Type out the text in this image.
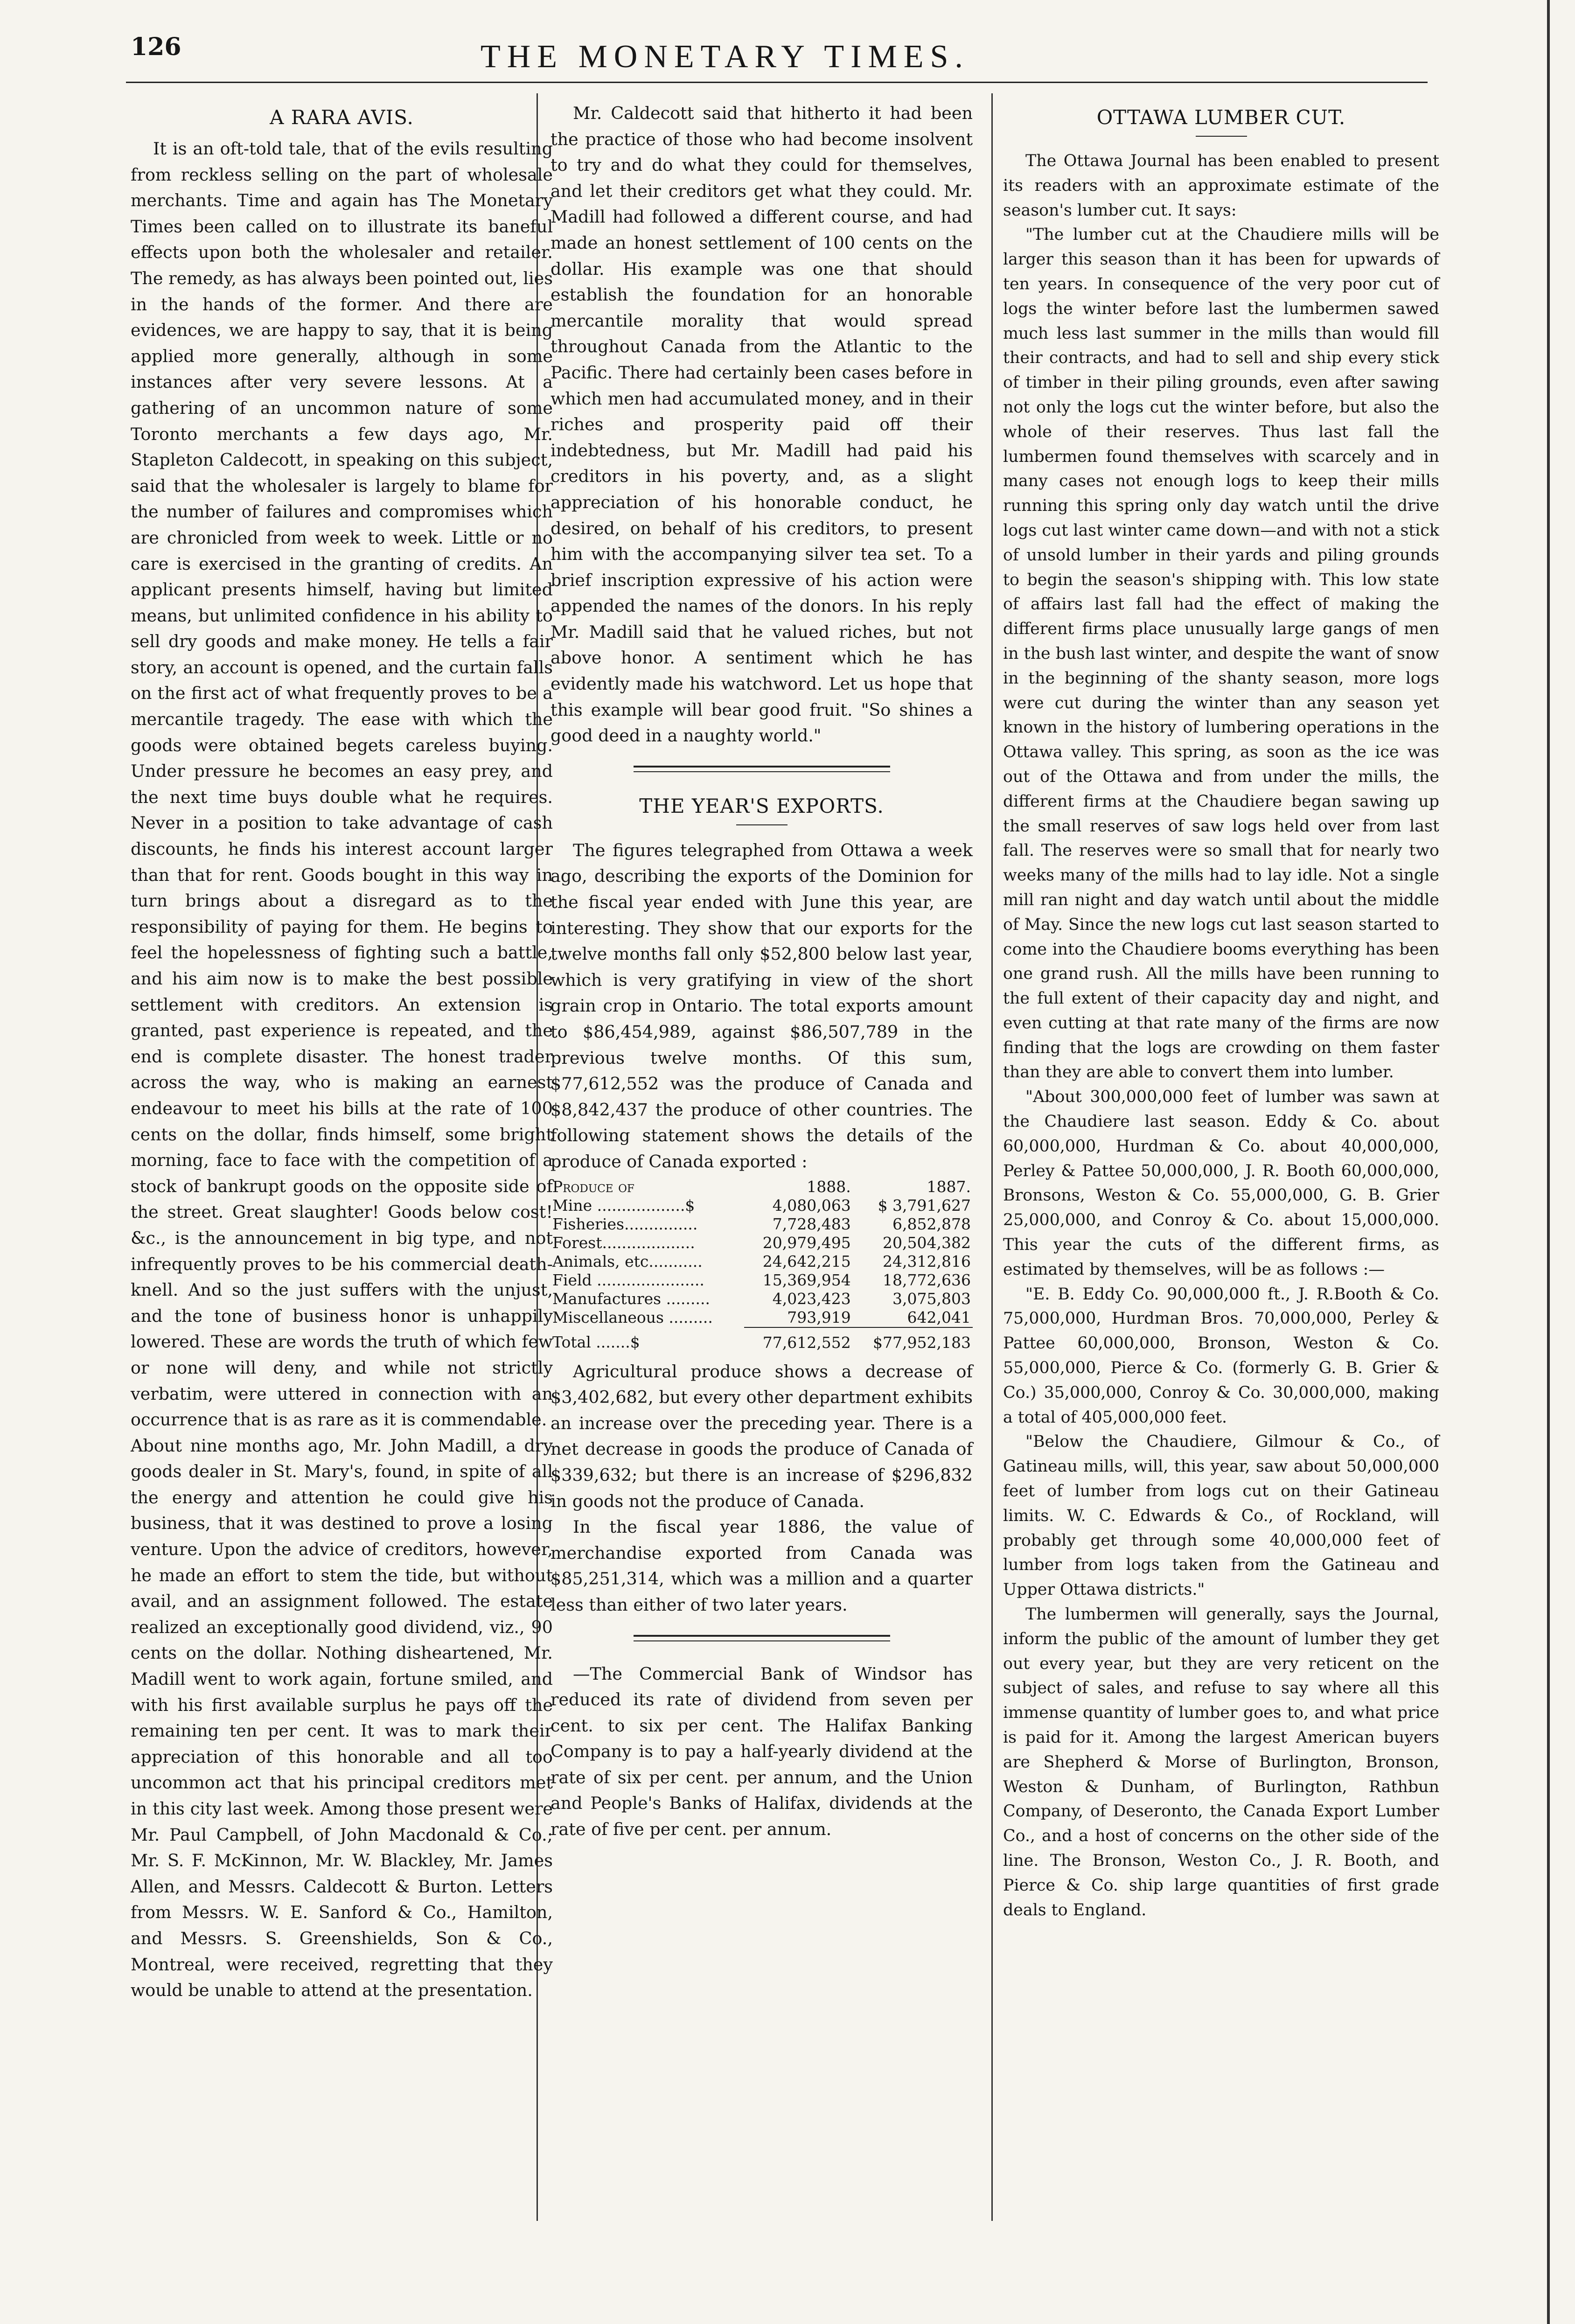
126	THE MONETARY TIMES.
A RARA AVIS.

It is an oft-told tale, that of the evils resulting from reckless selling on the part of wholesale merchants. Time and again has The Monetary Times been called on to illustrate its baneful effects upon both the wholesaler and retailer. The remedy, as has always been pointed out, lies in the hands of the former. And there are evidences, we are happy to say, that it is being applied more generally, although in some instances after very severe lessons. At a gathering of an uncommon nature of some Toronto merchants a few days ago, Mr. Stapleton Caldecott, in speaking on this subject, said that the wholesaler is largely to blame for the number of failures and compromises which are chronicled from week to week. Little or no care is exercised in the granting of credits. An applicant presents himself, having but limited means, but unlimited confidence in his ability to sell dry goods and make money. He tells a fair story, an account is opened, and the curtain falls on the first act of what frequently proves to be a mercantile tragedy. The ease with which the goods were obtained begets careless buying. Under pressure he becomes an easy prey, and the next time buys double what he requires. Never in a position to take advantage of cash discounts, he finds his interest account larger than that for rent. Goods bought in this way in turn brings about a disregard as to the responsibility of paying for them. He begins to feel the hopelessness of fighting such a battle, and his aim now is to make the best possible settlement with creditors. An extension is granted, past experience is repeated, and the end is complete disaster. The honest trader across the way, who is making an earnest endeavour to meet his bills at the rate of 100 cents on the dollar, finds himself, some bright morning, face to face with the competition of a stock of bankrupt goods on the opposite side of the street. Great slaughter! Goods below cost! &c., is the announcement in big type, and not infrequently proves to be his commercial death-knell. And so the just suffers with the unjust, and the tone of business honor is unhappily lowered. These are words the truth of which few or none will deny, and while not strictly verbatim, were uttered in connection with an occurrence that is as rare as it is commendable.

About nine months ago, Mr. John Madill, a dry goods dealer in St. Mary's, found, in spite of all the energy and attention he could give his business, that it was destined to prove a losing venture. Upon the advice of creditors, however, he made an effort to stem the tide, but without avail, and an assignment followed. The estate realized an exceptionally good dividend, viz., 90 cents on the dollar. Nothing disheartened, Mr. Madill went to work again, fortune smiled, and with his first available surplus he pays off the remaining ten per cent. It was to mark their appreciation of this honorable and all too uncommon act that his principal creditors met in this city last week. Among those present were Mr. Paul Campbell, of John Macdonald & Co.; Mr. S. F. McKinnon, Mr. W. Blackley, Mr. James Allen, and Messrs. Caldecott & Burton. Letters from Messrs. W. E. Sanford & Co., Hamilton, and Messrs. S. Greenshields, Son & Co., Montreal, were received, regretting that they would be unable to attend at the presentation.

Mr. Caldecott said that hitherto it had been the practice of those who had become insolvent to try and do what they could for themselves, and let their creditors get what they could. Mr. Madill had followed a different course, and had made an honest settlement of 100 cents on the dollar. His example was one that should establish the foundation for an honorable mercantile morality that would spread throughout Canada from the Atlantic to the Pacific. There had certainly been cases before in which men had accumulated money, and in their riches and prosperity paid off their indebtedness, but Mr. Madill had paid his creditors in his poverty, and, as a slight appreciation of his honorable conduct, he desired, on behalf of his creditors, to present him with the accompanying silver tea set. To a brief inscription expressive of his action were appended the names of the donors. In his reply Mr. Madill said that he valued riches, but not above honor. A sentiment which he has evidently made his watchword. Let us hope that this example will bear good fruit. "So shines a good deed in a naughty world."

THE YEAR'S EXPORTS.

The figures telegraphed from Ottawa a week ago, describing the exports of the Dominion for the fiscal year ended with June this year, are interesting. They show that our exports for the twelve months fall only $52,800 below last year, which is very gratifying in view of the short grain crop in Ontario. The total exports amount to $86,454,989, against $86,507,789 in the previous twelve months. Of this sum, $77,612,552 was the produce of Canada and $8,842,437 the produce of other countries. The following statement shows the details of the produce of Canada exported :

Produce of	1888.	1887.
Mine ..................$	4,080,063	$ 3,791,627
Fisheries...............	7,728,483	6,852,878
Forest...................	20,979,495	20,504,382
Animals, etc...........	24,642,215	24,312,816
Field ......................	15,369,954	18,772,636
Manufactures .........	4,023,423	3,075,803
Miscellaneous .........	793,919	642,041
Total .......$	77,612,552	$77,952,183

Agricultural produce shows a decrease of $3,402,682, but every other department exhibits an increase over the preceding year. There is a net decrease in goods the produce of Canada of $339,632; but there is an increase of $296,832 in goods not the produce of Canada.

In the fiscal year 1886, the value of merchandise exported from Canada was $85,251,314, which was a million and a quarter less than either of two later years.

—The Commercial Bank of Windsor has reduced its rate of dividend from seven per cent. to six per cent. The Halifax Banking Company is to pay a half-yearly dividend at the rate of six per cent. per annum, and the Union and People's Banks of Halifax, dividends at the rate of five per cent. per annum.

OTTAWA LUMBER CUT.

The Ottawa Journal has been enabled to present its readers with an approximate estimate of the season's lumber cut. It says:

"The lumber cut at the Chaudiere mills will be larger this season than it has been for upwards of ten years. In consequence of the very poor cut of logs the winter before last the lumbermen sawed much less last summer in the mills than would fill their contracts, and had to sell and ship every stick of timber in their piling grounds, even after sawing not only the logs cut the winter before, but also the whole of their reserves. Thus last fall the lumbermen found themselves with scarcely and in many cases not enough logs to keep their mills running this spring only day watch until the drive logs cut last winter came down—and with not a stick of unsold lumber in their yards and piling grounds to begin the season's shipping with. This low state of affairs last fall had the effect of making the different firms place unusually large gangs of men in the bush last winter, and despite the want of snow in the beginning of the shanty season, more logs were cut during the winter than any season yet known in the history of lumbering operations in the Ottawa valley. This spring, as soon as the ice was out of the Ottawa and from under the mills, the different firms at the Chaudiere began sawing up the small reserves of saw logs held over from last fall. The reserves were so small that for nearly two weeks many of the mills had to lay idle. Not a single mill ran night and day watch until about the middle of May. Since the new logs cut last season started to come into the Chaudiere booms everything has been one grand rush. All the mills have been running to the full extent of their capacity day and night, and even cutting at that rate many of the firms are now finding that the logs are crowding on them faster than they are able to convert them into lumber.

"About 300,000,000 feet of lumber was sawn at the Chaudiere last season. Eddy & Co. about 60,000,000, Hurdman & Co. about 40,000,000, Perley & Pattee 50,000,000, J. R. Booth 60,000,000, Bronsons, Weston & Co. 55,000,000, G. B. Grier 25,000,000, and Conroy & Co. about 15,000,000. This year the cuts of the different firms, as estimated by themselves, will be as follows :—

"E. B. Eddy Co. 90,000,000 ft., J. R.Booth & Co. 75,000,000, Hurdman Bros. 70,000,000, Perley & Pattee 60,000,000, Bronson, Weston & Co. 55,000,000, Pierce & Co. (formerly G. B. Grier & Co.) 35,000,000, Conroy & Co. 30,000,000, making a total of 405,000,000 feet.

"Below the Chaudiere, Gilmour & Co., of Gatineau mills, will, this year, saw about 50,000,000 feet of lumber from logs cut on their Gatineau limits. W. C. Edwards & Co., of Rockland, will probably get through some 40,000,000 feet of lumber from logs taken from the Gatineau and Upper Ottawa districts."

The lumbermen will generally, says the Journal, inform the public of the amount of lumber they get out every year, but they are very reticent on the subject of sales, and refuse to say where all this immense quantity of lumber goes to, and what price is paid for it. Among the largest American buyers are Shepherd & Morse of Burlington, Bronson, Weston & Dunham, of Burlington, Rathbun Company, of Deseronto, the Canada Export Lumber Co., and a host of concerns on the other side of the line. The Bronson, Weston Co., J. R. Booth, and Pierce & Co. ship large quantities of first grade deals to England.
